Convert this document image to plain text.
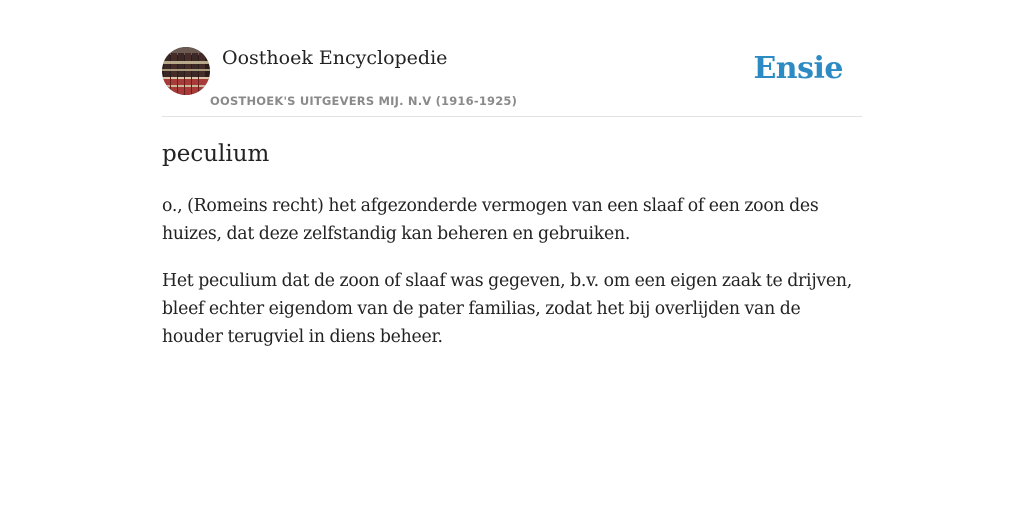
Oosthoek Encyclopedie
OOSTHOEK'S UITGEVERS MIJ. N.V (1916-1925)
Ensie
peculium

o., (Romeins recht) het afgezonderde vermogen van een slaaf of een zoon des huizes, dat deze zelfstandig kan beheren en gebruiken.

Het peculium dat de zoon of slaaf was gegeven, b.v. om een eigen zaak te drijven, bleef echter eigendom van de pater familias, zodat het bij overlijden van de houder terugviel in diens beheer.
